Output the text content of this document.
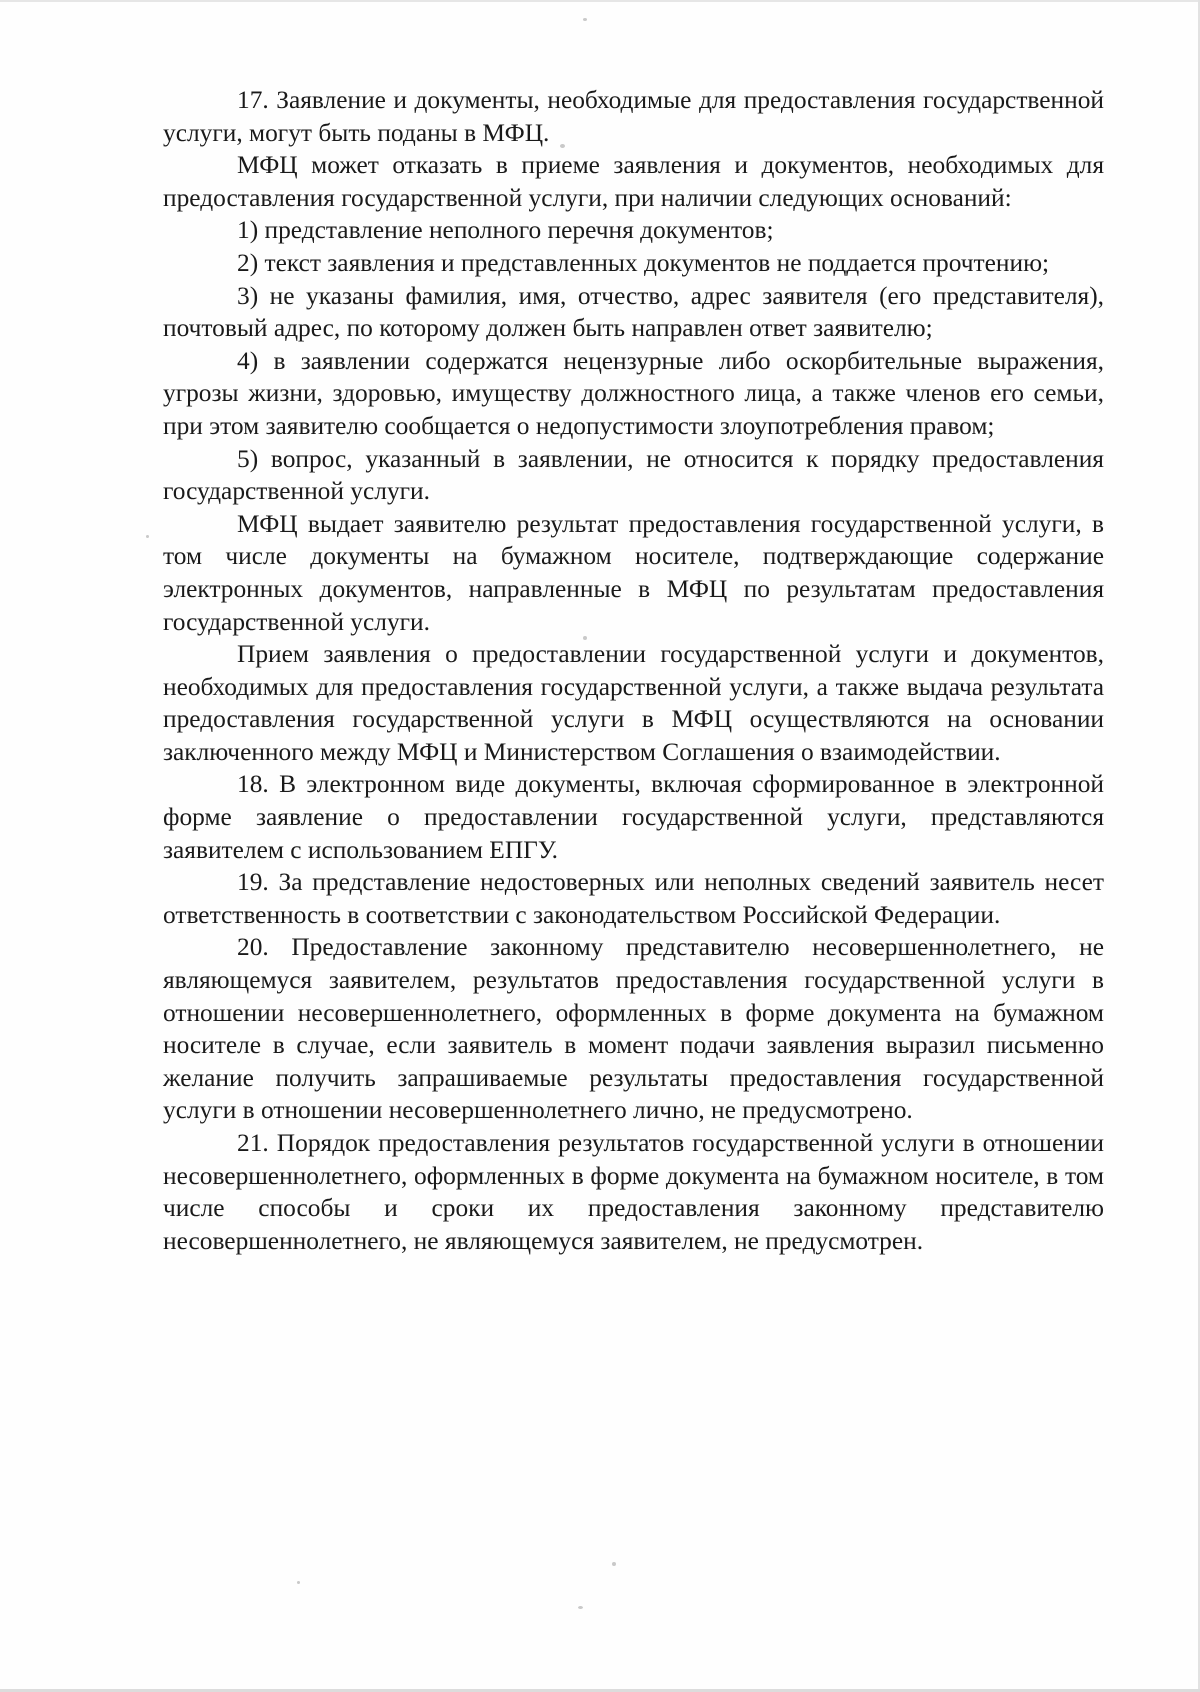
17. Заявление и документы, необходимые для предоставления государственной услуги, могут быть поданы в МФЦ.

МФЦ может отказать в приеме заявления и документов, необходимых для предоставления государственной услуги, при наличии следующих оснований:

1) представление неполного перечня документов;

2) текст заявления и представленных документов не поддается прочтению;

3) не указаны фамилия, имя, отчество, адрес заявителя (его представителя), почтовый адрес, по которому должен быть направлен ответ заявителю;

4) в заявлении содержатся нецензурные либо оскорбительные выражения, угрозы жизни, здоровью, имуществу должностного лица, а также членов его семьи, при этом заявителю сообщается о недопустимости злоупотребления правом;

5) вопрос, указанный в заявлении, не относится к порядку предоставления государственной услуги.

МФЦ выдает заявителю результат предоставления государственной услуги, в том числе документы на бумажном носителе, подтверждающие содержание электронных документов, направленные в МФЦ по результатам предоставления государственной услуги.

Прием заявления о предоставлении государственной услуги и документов, необходимых для предоставления государственной услуги, а также выдача результата предоставления государственной услуги в МФЦ осуществляются на основании заключенного между МФЦ и Министерством Соглашения о взаимодействии.

18. В электронном виде документы, включая сформированное в электронной форме заявление о предоставлении государственной услуги, представляются заявителем с использованием ЕПГУ.

19. За представление недостоверных или неполных сведений заявитель несет ответственность в соответствии с законодательством Российской Федерации.

20. Предоставление законному представителю несовершеннолетнего, не являющемуся заявителем, результатов предоставления государственной услуги в отношении несовершеннолетнего, оформленных в форме документа на бумажном носителе в случае, если заявитель в момент подачи заявления выразил письменно желание получить запрашиваемые результаты предоставления государственной услуги в отношении несовершеннолетнего лично, не предусмотрено.

21. Порядок предоставления результатов государственной услуги в отношении несовершеннолетнего, оформленных в форме документа на бумажном носителе, в том числе способы и сроки их предоставления законному представителю несовершеннолетнего, не являющемуся заявителем, не предусмотрен.
